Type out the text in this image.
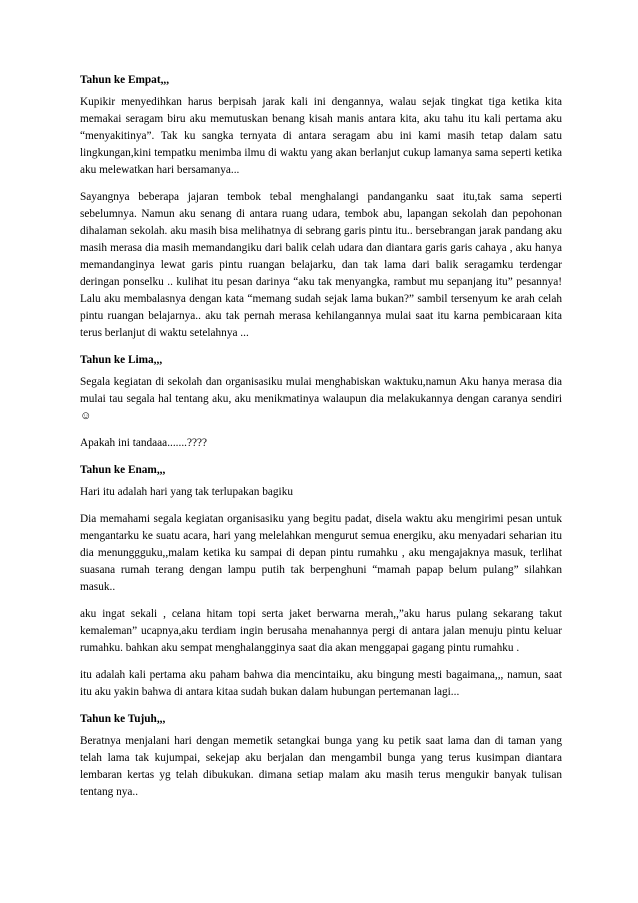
Tahun ke Empat,,,

Kupikir menyedihkan harus berpisah jarak kali ini dengannya, walau sejak tingkat tiga ketika kita memakai seragam biru aku memutuskan benang kisah manis antara kita, aku tahu itu kali pertama aku “menyakitinya”. Tak ku sangka ternyata di antara seragam abu ini kami masih tetap dalam satu lingkungan,kini tempatku menimba ilmu di waktu yang akan berlanjut cukup lamanya sama seperti ketika aku melewatkan hari bersamanya...

Sayangnya beberapa jajaran tembok tebal menghalangi pandanganku saat itu,tak sama seperti sebelumnya. Namun aku senang di antara ruang udara, tembok abu, lapangan sekolah dan pepohonan dihalaman sekolah. aku masih bisa melihatnya di sebrang garis pintu itu.. bersebrangan jarak pandang aku masih merasa dia masih memandangiku dari balik celah udara dan diantara garis garis cahaya , aku hanya memandanginya lewat garis pintu ruangan belajarku, dan tak lama dari balik seragamku terdengar deringan ponselku .. kulihat itu pesan darinya “aku tak menyangka, rambut mu sepanjang itu” pesannya! Lalu aku membalasnya dengan kata “memang sudah sejak lama bukan?” sambil tersenyum ke arah celah pintu ruangan belajarnya.. aku tak pernah merasa kehilangannya mulai saat itu karna pembicaraan kita terus berlanjut di waktu setelahnya ...

Tahun ke Lima,,,

Segala kegiatan di sekolah dan organisasiku mulai menghabiskan waktuku,namun Aku hanya merasa dia mulai tau segala hal tentang aku, aku menikmatinya walaupun dia melakukannya dengan caranya sendiri ☺

Apakah ini tandaaa.......????

Tahun ke Enam,,,

Hari itu adalah hari yang tak terlupakan bagiku

Dia memahami segala kegiatan organisasiku yang begitu padat, disela waktu aku mengirimi pesan untuk mengantarku ke suatu acara, hari yang melelahkan mengurut semua energiku, aku menyadari seharian itu dia menunggguku,,malam ketika ku sampai di depan pintu rumahku , aku mengajaknya masuk, terlihat suasana rumah terang dengan lampu putih tak berpenghuni “mamah papap belum pulang” silahkan masuk..

aku ingat sekali , celana hitam topi serta jaket berwarna merah,,”aku harus pulang sekarang takut kemaleman” ucapnya,aku terdiam ingin berusaha menahannya pergi di antara jalan menuju pintu keluar rumahku. bahkan aku sempat menghalangginya saat dia akan menggapai gagang pintu rumahku .

itu adalah kali pertama aku paham bahwa dia mencintaiku, aku bingung mesti bagaimana,,, namun, saat itu aku yakin bahwa di antara kitaa sudah bukan dalam hubungan pertemanan lagi...

Tahun ke Tujuh,,,

Beratnya menjalani hari dengan memetik setangkai bunga yang ku petik saat lama dan di taman yang telah lama tak kujumpai, sekejap aku berjalan dan mengambil bunga yang terus kusimpan diantara lembaran kertas yg telah dibukukan. dimana setiap malam aku masih terus mengukir banyak tulisan tentang nya..
